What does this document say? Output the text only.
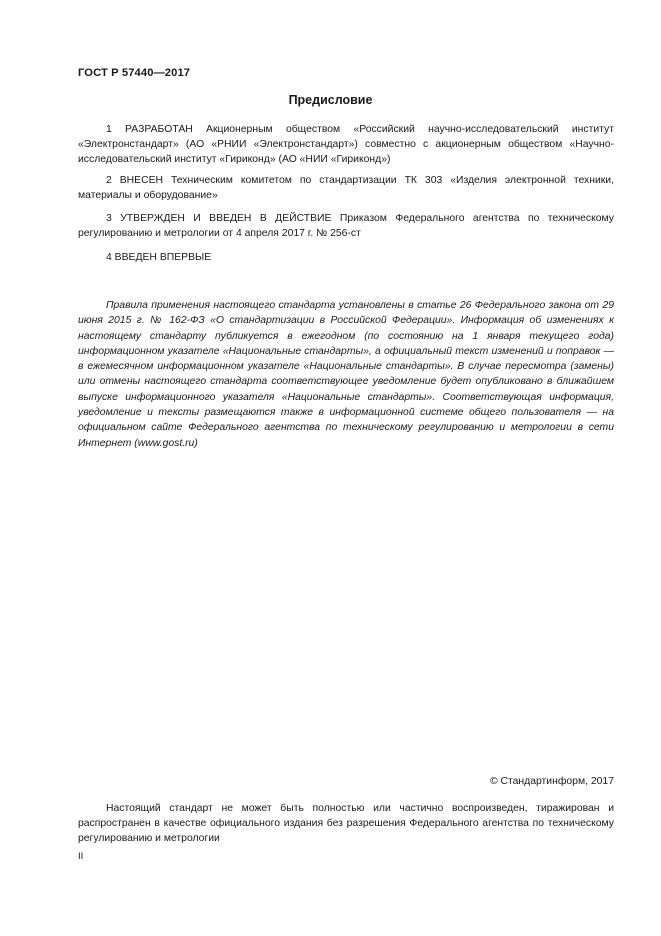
ГОСТ Р 57440—2017
Предисловие
1 РАЗРАБОТАН Акционерным обществом «Российский научно-исследовательский институт «Электронстандарт» (АО «РНИИ «Электронстандарт») совместно с акционерным обществом «Научно-исследовательский институт «Гириконд» (АО «НИИ «Гириконд»)
2 ВНЕСЕН Техническим комитетом по стандартизации ТК 303 «Изделия электронной техники, материалы и оборудование»
3 УТВЕРЖДЕН И ВВЕДЕН В ДЕЙСТВИЕ Приказом Федерального агентства по техническому регулированию и метрологии от 4 апреля 2017 г. № 256-ст
4 ВВЕДЕН ВПЕРВЫЕ
Правила применения настоящего стандарта установлены в статье 26 Федерального закона от 29 июня 2015 г. № 162-ФЗ «О стандартизации в Российской Федерации». Информация об изменениях к настоящему стандарту публикуется в ежегодном (по состоянию на 1 января текущего года) информационном указателе «Национальные стандарты», а официальный текст изменений и поправок — в ежемесячном информационном указателе «Национальные стандарты». В случае пересмотра (замены) или отмены настоящего стандарта соответствующее уведомление будет опубликовано в ближайшем выпуске информационного указателя «Национальные стандарты». Соответствующая информация, уведомление и тексты размещаются также в информационной системе общего пользователя — на официальном сайте Федерального агентства по техническому регулированию и метрологии в сети Интернет (www.gost.ru)
© Стандартинформ, 2017
Настоящий стандарт не может быть полностью или частично воспроизведен, тиражирован и распространен в качестве официального издания без разрешения Федерального агентства по техническому регулированию и метрологии
II
